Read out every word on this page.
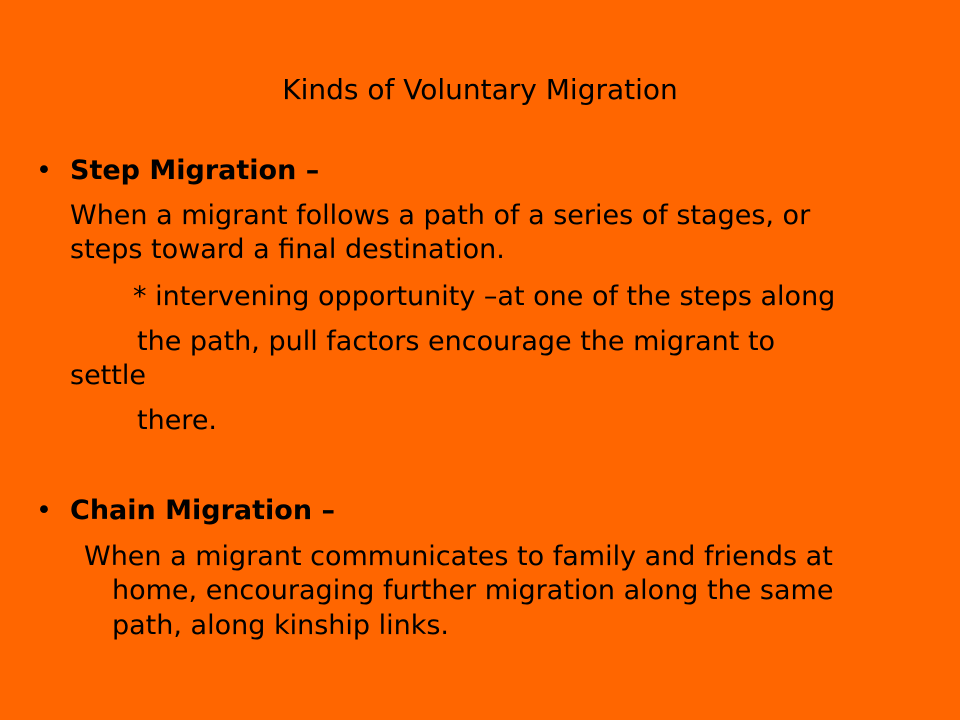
Kinds of Voluntary Migration
• Step Migration –
When a migrant follows a path of a series of stages, or
steps toward a final destination.
* intervening opportunity –at one of the steps along
the path, pull factors encourage the migrant to
settle
there.
• Chain Migration –
When a migrant communicates to family and friends at
home, encouraging further migration along the same
path, along kinship links.
